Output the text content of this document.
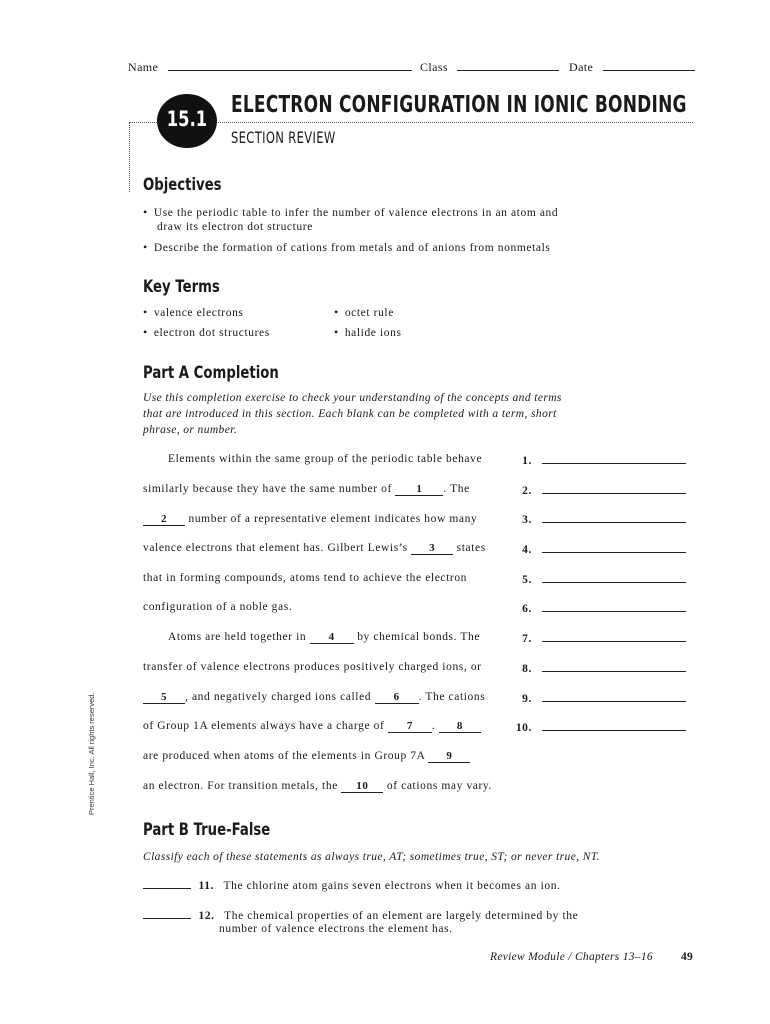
Name	Class	Date
15.1
ELECTRON CONFIGURATION IN IONIC BONDING
SECTION REVIEW
Objectives
• Use the periodic table to infer the number of valence electrons in an atom and
draw its electron dot structure
• Describe the formation of cations from metals and of anions from nonmetals
Key Terms
• valence electrons
• electron dot structures
• octet rule
• halide ions
Part A Completion
Use this completion exercise to check your understanding of the concepts and terms
that are introduced in this section. Each blank can be completed with a term, short
phrase, or number.
Elements within the same group of the periodic table behave
similarly because they have the same number of 1 . The
2 number of a representative element indicates how many
valence electrons that element has. Gilbert Lewis’s 3 states
that in forming compounds, atoms tend to achieve the electron
configuration of a noble gas.
Atoms are held together in 4 by chemical bonds. The
transfer of valence electrons produces positively charged ions, or
5 , and negatively charged ions called 6 . The cations
of Group 1A elements always have a charge of 7 . 8
are produced when atoms of the elements in Group 7A 9
an electron. For transition metals, the 10 of cations may vary.
1.
2.
3.
4.
5.
6.
7.
8.
9.
10.
Part B True-False
Classify each of these statements as always true, AT; sometimes true, ST; or never true, NT.
11. The chlorine atom gains seven electrons when it becomes an ion.
12. The chemical properties of an element are largely determined by the
number of valence electrons the element has.
Prentice Hall, Inc. All rights reserved.
Review Module / Chapters 13–16 49
